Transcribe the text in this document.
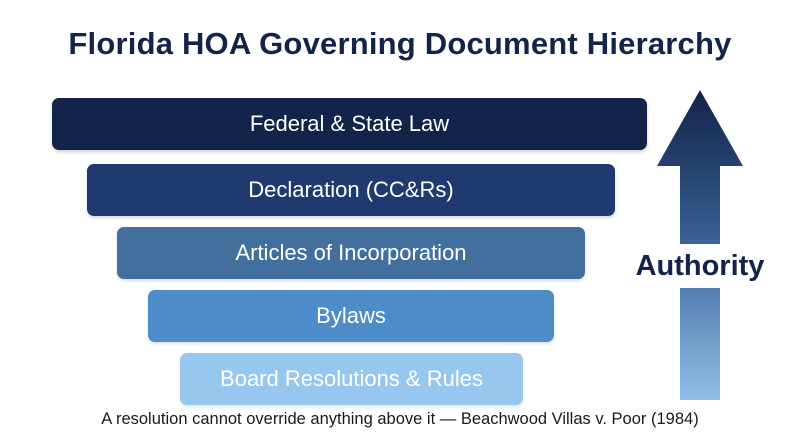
Florida HOA Governing Document Hierarchy
Federal & State Law
Declaration (CC&Rs)
Articles of Incorporation
Bylaws
Board Resolutions & Rules
Authority
A resolution cannot override anything above it — Beachwood Villas v. Poor (1984)
